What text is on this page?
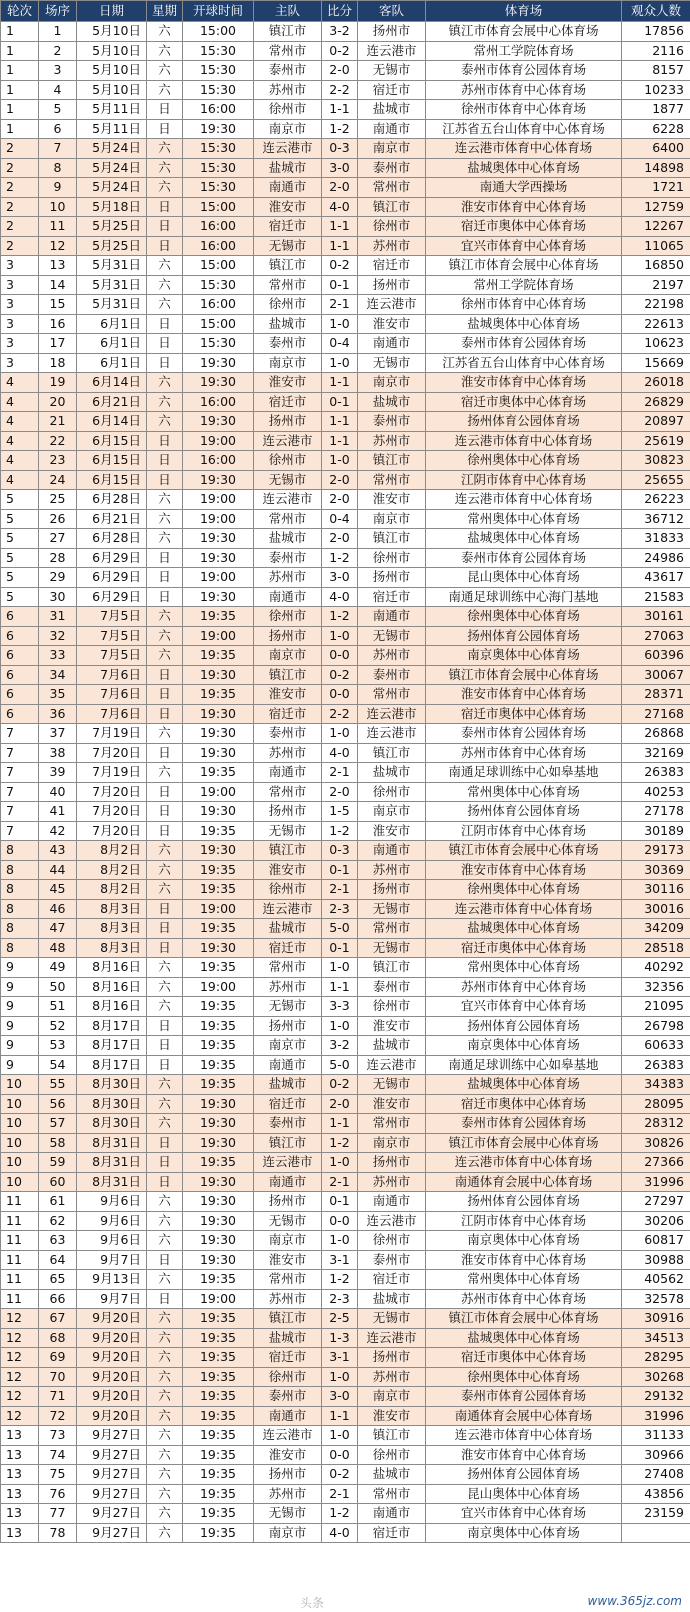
轮次	场序	日期	星期	开球时间	主队	比分	客队	体育场	观众人数
1	1	5月10日	六	15:00	镇江市	3-2	扬州市	镇江市体育会展中心体育场	17856
1	2	5月10日	六	15:30	常州市	0-2	连云港市	常州工学院体育场	2116
1	3	5月10日	六	15:30	泰州市	2-0	无锡市	泰州市体育公园体育场	8157
1	4	5月10日	六	15:30	苏州市	2-2	宿迁市	苏州市体育中心体育场	10233
1	5	5月11日	日	16:00	徐州市	1-1	盐城市	徐州市体育中心体育场	1877
1	6	5月11日	日	19:30	南京市	1-2	南通市	江苏省五台山体育中心体育场	6228
2	7	5月24日	六	15:30	连云港市	0-3	南京市	连云港市体育中心体育场	6400
2	8	5月24日	六	15:30	盐城市	3-0	泰州市	盐城奥体中心体育场	14898
2	9	5月24日	六	15:30	南通市	2-0	常州市	南通大学西操场	1721
2	10	5月18日	日	15:00	淮安市	4-0	镇江市	淮安市体育中心体育场	12759
2	11	5月25日	日	16:00	宿迁市	1-1	徐州市	宿迁市奥体中心体育场	12267
2	12	5月25日	日	16:00	无锡市	1-1	苏州市	宜兴市体育中心体育场	11065
3	13	5月31日	六	15:00	镇江市	0-2	宿迁市	镇江市体育会展中心体育场	16850
3	14	5月31日	六	15:30	常州市	0-1	扬州市	常州工学院体育场	2197
3	15	5月31日	六	16:00	徐州市	2-1	连云港市	徐州市体育中心体育场	22198
3	16	6月1日	日	15:00	盐城市	1-0	淮安市	盐城奥体中心体育场	22613
3	17	6月1日	日	15:30	泰州市	0-4	南通市	泰州市体育公园体育场	10623
3	18	6月1日	日	19:30	南京市	1-0	无锡市	江苏省五台山体育中心体育场	15669
4	19	6月14日	六	19:30	淮安市	1-1	南京市	淮安市体育中心体育场	26018
4	20	6月21日	六	16:00	宿迁市	0-1	盐城市	宿迁市奥体中心体育场	26829
4	21	6月14日	六	19:30	扬州市	1-1	泰州市	扬州体育公园体育场	20897
4	22	6月15日	日	19:00	连云港市	1-1	苏州市	连云港市体育中心体育场	25619
4	23	6月15日	日	16:00	徐州市	1-0	镇江市	徐州奥体中心体育场	30823
4	24	6月15日	日	19:30	无锡市	2-0	常州市	江阴市体育中心体育场	25655
5	25	6月28日	六	19:00	连云港市	2-0	淮安市	连云港市体育中心体育场	26223
5	26	6月21日	六	19:00	常州市	0-4	南京市	常州奥体中心体育场	36712
5	27	6月28日	六	19:30	盐城市	2-0	镇江市	盐城奥体中心体育场	31833
5	28	6月29日	日	19:30	泰州市	1-2	徐州市	泰州市体育公园体育场	24986
5	29	6月29日	日	19:00	苏州市	3-0	扬州市	昆山奥体中心体育场	43617
5	30	6月29日	日	19:30	南通市	4-0	宿迁市	南通足球训练中心海门基地	21583
6	31	7月5日	六	19:35	徐州市	1-2	南通市	徐州奥体中心体育场	30161
6	32	7月5日	六	19:00	扬州市	1-0	无锡市	扬州体育公园体育场	27063
6	33	7月5日	六	19:35	南京市	0-0	苏州市	南京奥体中心体育场	60396
6	34	7月6日	日	19:30	镇江市	0-2	泰州市	镇江市体育会展中心体育场	30067
6	35	7月6日	日	19:35	淮安市	0-0	常州市	淮安市体育中心体育场	28371
6	36	7月6日	日	19:30	宿迁市	2-2	连云港市	宿迁市奥体中心体育场	27168
7	37	7月19日	六	19:30	泰州市	1-0	连云港市	泰州市体育公园体育场	26868
7	38	7月20日	日	19:30	苏州市	4-0	镇江市	苏州市体育中心体育场	32169
7	39	7月19日	六	19:35	南通市	2-1	盐城市	南通足球训练中心如皋基地	26383
7	40	7月20日	日	19:00	常州市	2-0	徐州市	常州奥体中心体育场	40253
7	41	7月20日	日	19:30	扬州市	1-5	南京市	扬州体育公园体育场	27178
7	42	7月20日	日	19:35	无锡市	1-2	淮安市	江阴市体育中心体育场	30189
8	43	8月2日	六	19:30	镇江市	0-3	南通市	镇江市体育会展中心体育场	29173
8	44	8月2日	六	19:35	淮安市	0-1	苏州市	淮安市体育中心体育场	30369
8	45	8月2日	六	19:35	徐州市	2-1	扬州市	徐州奥体中心体育场	30116
8	46	8月3日	日	19:00	连云港市	2-3	无锡市	连云港市体育中心体育场	30016
8	47	8月3日	日	19:35	盐城市	5-0	常州市	盐城奥体中心体育场	34209
8	48	8月3日	日	19:30	宿迁市	0-1	无锡市	宿迁市奥体中心体育场	28518
9	49	8月16日	六	19:35	常州市	1-0	镇江市	常州奥体中心体育场	40292
9	50	8月16日	六	19:00	苏州市	1-1	泰州市	苏州市体育中心体育场	32356
9	51	8月16日	六	19:35	无锡市	3-3	徐州市	宜兴市体育中心体育场	21095
9	52	8月17日	日	19:35	扬州市	1-0	淮安市	扬州体育公园体育场	26798
9	53	8月17日	日	19:35	南京市	3-2	盐城市	南京奥体中心体育场	60633
9	54	8月17日	日	19:35	南通市	5-0	连云港市	南通足球训练中心如皋基地	26383
10	55	8月30日	六	19:35	盐城市	0-2	无锡市	盐城奥体中心体育场	34383
10	56	8月30日	六	19:30	宿迁市	2-0	淮安市	宿迁市奥体中心体育场	28095
10	57	8月30日	六	19:30	泰州市	1-1	常州市	泰州市体育公园体育场	28312
10	58	8月31日	日	19:30	镇江市	1-2	南京市	镇江市体育会展中心体育场	30826
10	59	8月31日	日	19:35	连云港市	1-0	扬州市	连云港市体育中心体育场	27366
10	60	8月31日	日	19:30	南通市	2-1	苏州市	南通体育会展中心体育场	31996
11	61	9月6日	六	19:30	扬州市	0-1	南通市	扬州体育公园体育场	27297
11	62	9月6日	六	19:30	无锡市	0-0	连云港市	江阴市体育中心体育场	30206
11	63	9月6日	六	19:30	南京市	1-0	徐州市	南京奥体中心体育场	60817
11	64	9月7日	日	19:30	淮安市	3-1	泰州市	淮安市体育中心体育场	30988
11	65	9月13日	六	19:35	常州市	1-2	宿迁市	常州奥体中心体育场	40562
11	66	9月7日	日	19:00	苏州市	2-3	盐城市	苏州市体育中心体育场	32578
12	67	9月20日	六	19:35	镇江市	2-5	无锡市	镇江市体育会展中心体育场	30916
12	68	9月20日	六	19:35	盐城市	1-3	连云港市	盐城奥体中心体育场	34513
12	69	9月20日	六	19:35	宿迁市	3-1	扬州市	宿迁市奥体中心体育场	28295
12	70	9月20日	六	19:35	徐州市	1-0	苏州市	徐州奥体中心体育场	30268
12	71	9月20日	六	19:35	泰州市	3-0	南京市	泰州市体育公园体育场	29132
12	72	9月20日	六	19:35	南通市	1-1	淮安市	南通体育会展中心体育场	31996
13	73	9月27日	六	19:35	连云港市	1-0	镇江市	连云港市体育中心体育场	31133
13	74	9月27日	六	19:35	淮安市	0-0	徐州市	淮安市体育中心体育场	30966
13	75	9月27日	六	19:35	扬州市	0-2	盐城市	扬州体育公园体育场	27408
13	76	9月27日	六	19:35	苏州市	2-1	常州市	昆山奥体中心体育场	43856
13	77	9月27日	六	19:35	无锡市	1-2	南通市	宜兴市体育中心体育场	23159
13	78	9月27日	六	19:35	南京市	4-0	宿迁市	南京奥体中心体育场	
头条	www.365jz.com
